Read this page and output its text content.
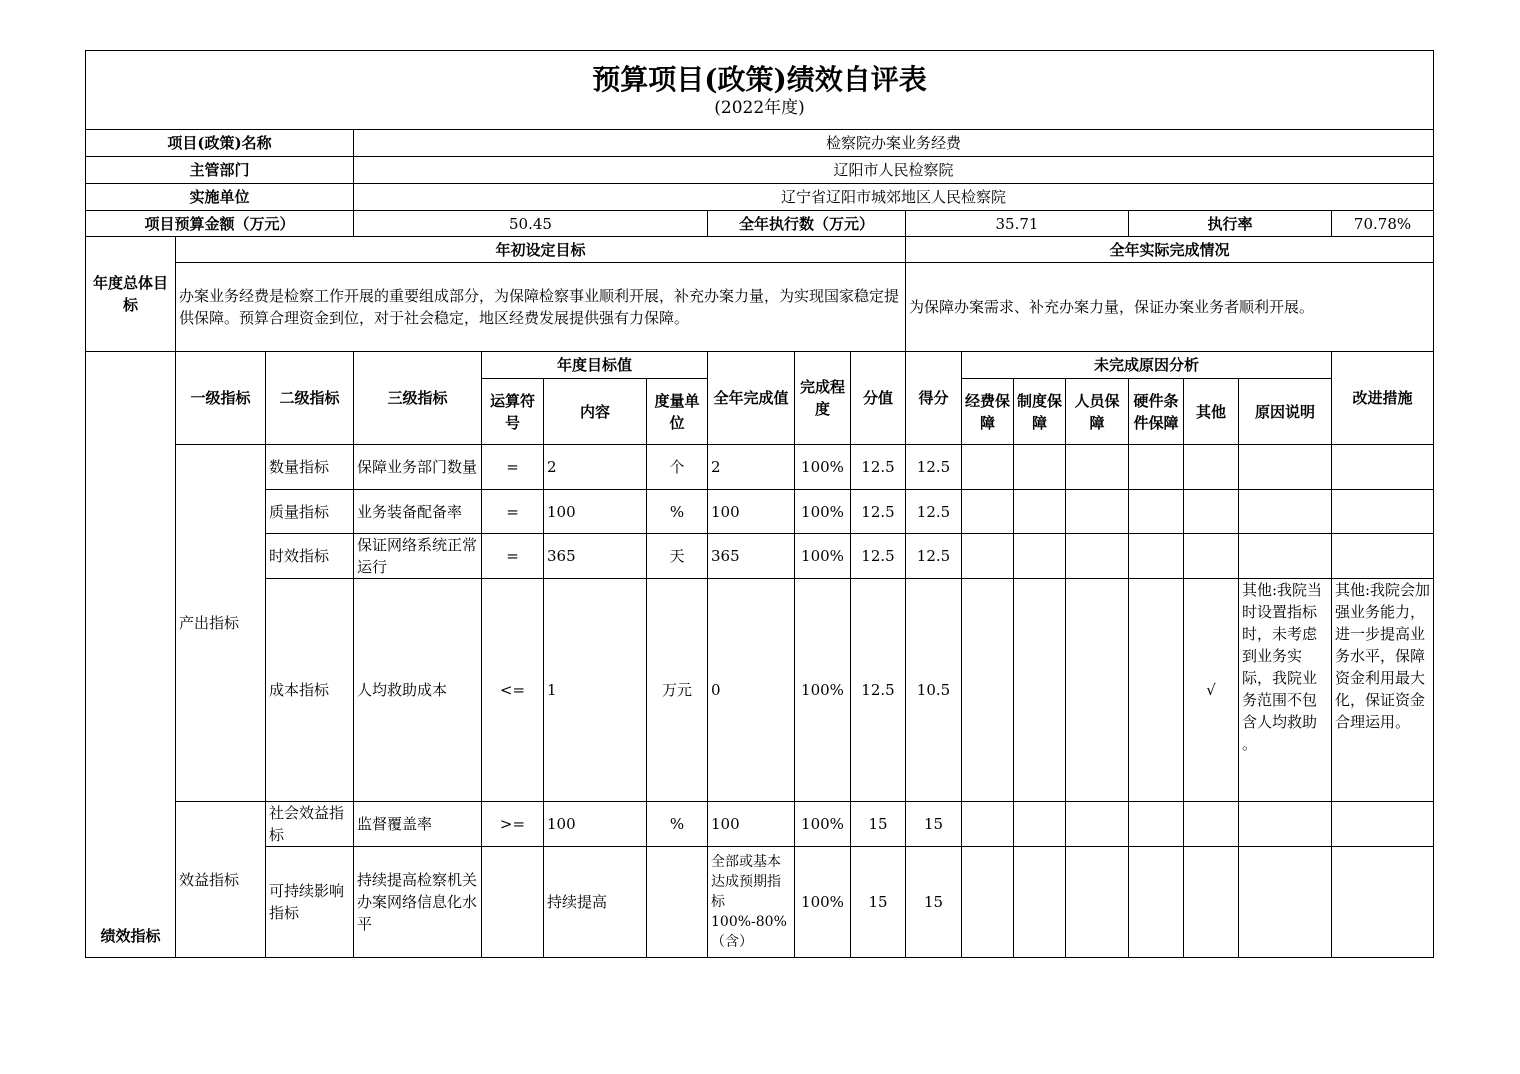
预算项目(政策)绩效自评表
(2022年度)																	

项目(政策)名称			检察院办案业务经费														
主管部门			辽阳市人民检察院														
实施单位			辽宁省辽阳市城郊地区人民检察院														
项目预算金额（万元）			50.45				全年执行数（万元）			35.71				执行率			70.78%
年度总体目标	年初设定目标									全年实际完成情况							
	办案业务经费是检察工作开展的重要组成部分，为保障检察事业顺利开展，补充办案力量，为实现国家稳定提供保障。预算合理资金到位，对于社会稳定，地区经费发展提供强有力保障。									为保障办案需求、补充办案力量，保证办案业务者顺利开展。							
绩效指标	一级指标	二级指标	三级指标	年度目标值			全年完成值	完成程度	分值	得分	未完成原因分析						改进措施
				运算符号	内容	度量单位					经费保障	制度保障	人员保障	硬件条件保障	其他	原因说明	
	产出指标	数量指标	保障业务部门数量	=	2	个	2	100%	12.5	12.5							
		质量指标	业务装备配备率	=	100	%	100	100%	12.5	12.5							
		时效指标	保证网络系统正常运行	=	365	天	365	100%	12.5	12.5							
		成本指标	人均救助成本	<=	1	万元	0	100%	12.5	10.5					√	其他:我院当时设置指标时，未考虑到业务实际，我院业务范围不包含人均救助 。	其他:我院会加强业务能力，进一步提高业务水平，保障资金利用最大化，保证资金合理运用。
	效益指标	社会效益指标	监督覆盖率	>=	100	%	100	100%	15	15							
		可持续影响指标	持续提高检察机关办案网络信息化水平		持续提高		全部或基本达成预期指标100%-80%（含）	100%	15	15							
